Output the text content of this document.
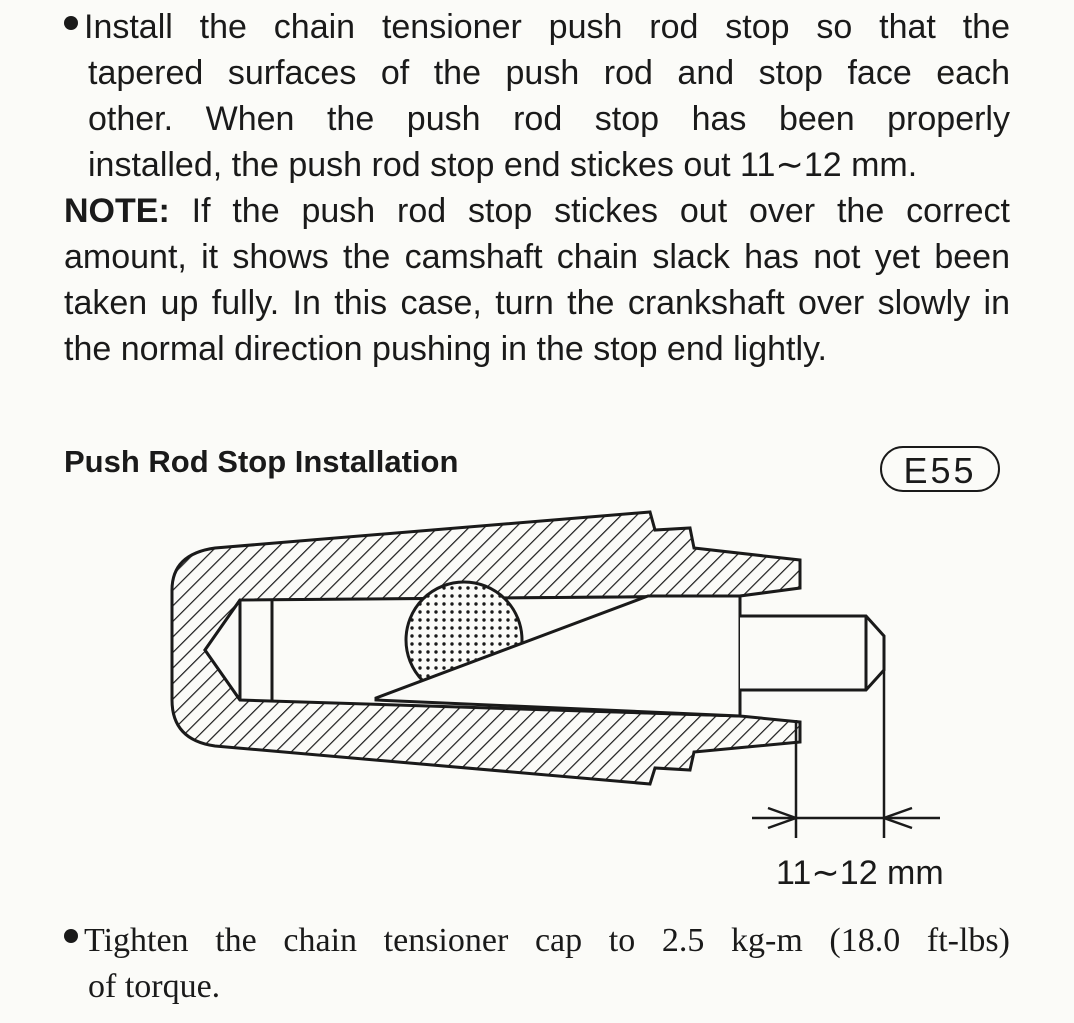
Install the chain tensioner push rod stop so that the
tapered surfaces of the push rod and stop face each
other. When the push rod stop has been properly
installed, the push rod stop end stickes out 11∼12 mm.

NOTE: If the push rod stop stickes out over the correct amount, it shows the camshaft chain slack has not yet been taken up fully. In this case, turn the crankshaft over slowly in the normal direction pushing in the stop end lightly.

Push Rod Stop Installation	E55
11∼12 mm
Tighten the chain tensioner cap to 2.5 kg-m (18.0 ft-lbs)
of torque.
